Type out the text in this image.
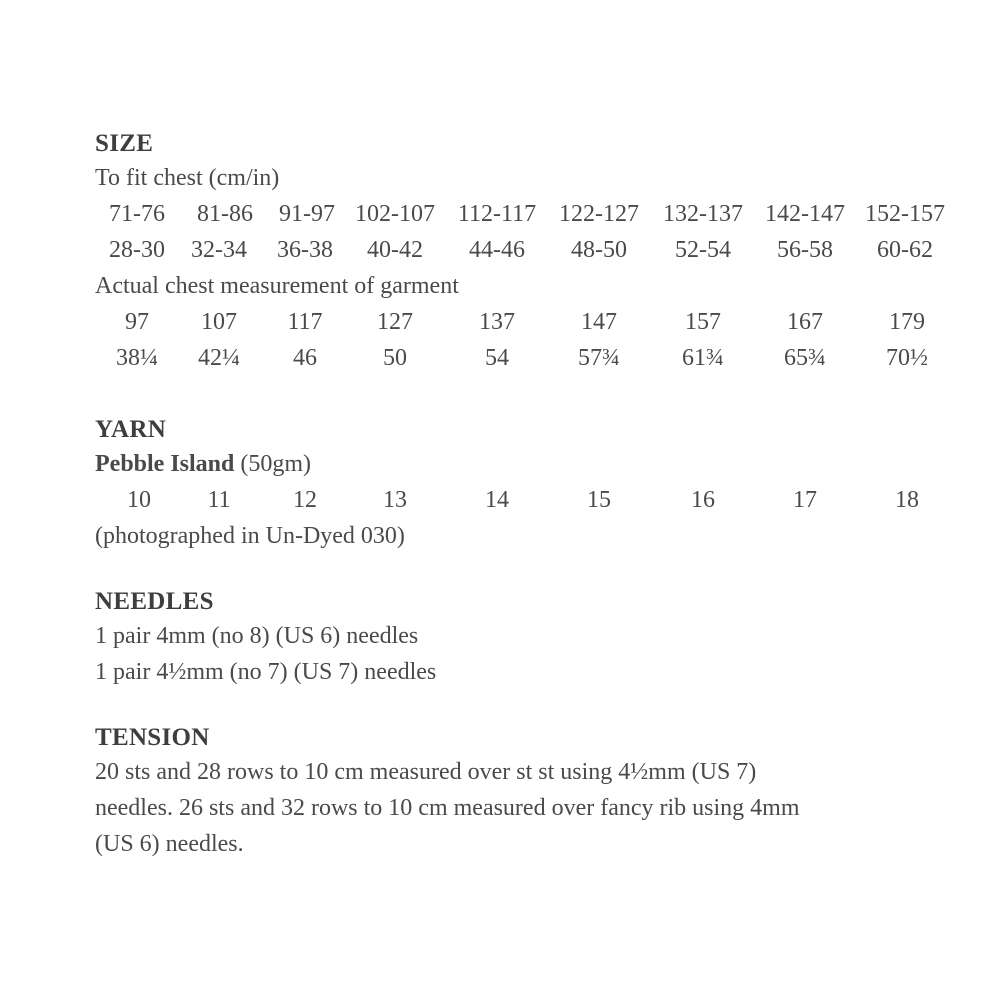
SIZE
To fit chest (cm/in)
71-76 81-86 91-97 102-107 112-117 122-127 132-137 142-147 152-157
28-30 32-34 36-38 40-42 44-46 48-50 52-54 56-58 60-62
Actual chest measurement of garment
97 107 117 127	137	147	157	167	179
38¼ 42¼ 46	50	54	57¾	61¾	65¾	70½
YARN
Pebble Island (50gm)
10 11	12	13	14	15	16	17	18
(photographed in Un-Dyed 030)
NEEDLES
1 pair 4mm (no 8) (US 6) needles
1 pair 4½mm (no 7) (US 7) needles
TENSION
20 sts and 28 rows to 10 cm measured over st st using 4½mm (US 7)
needles. 26 sts and 32 rows to 10 cm measured over fancy rib using 4mm
(US 6) needles.
